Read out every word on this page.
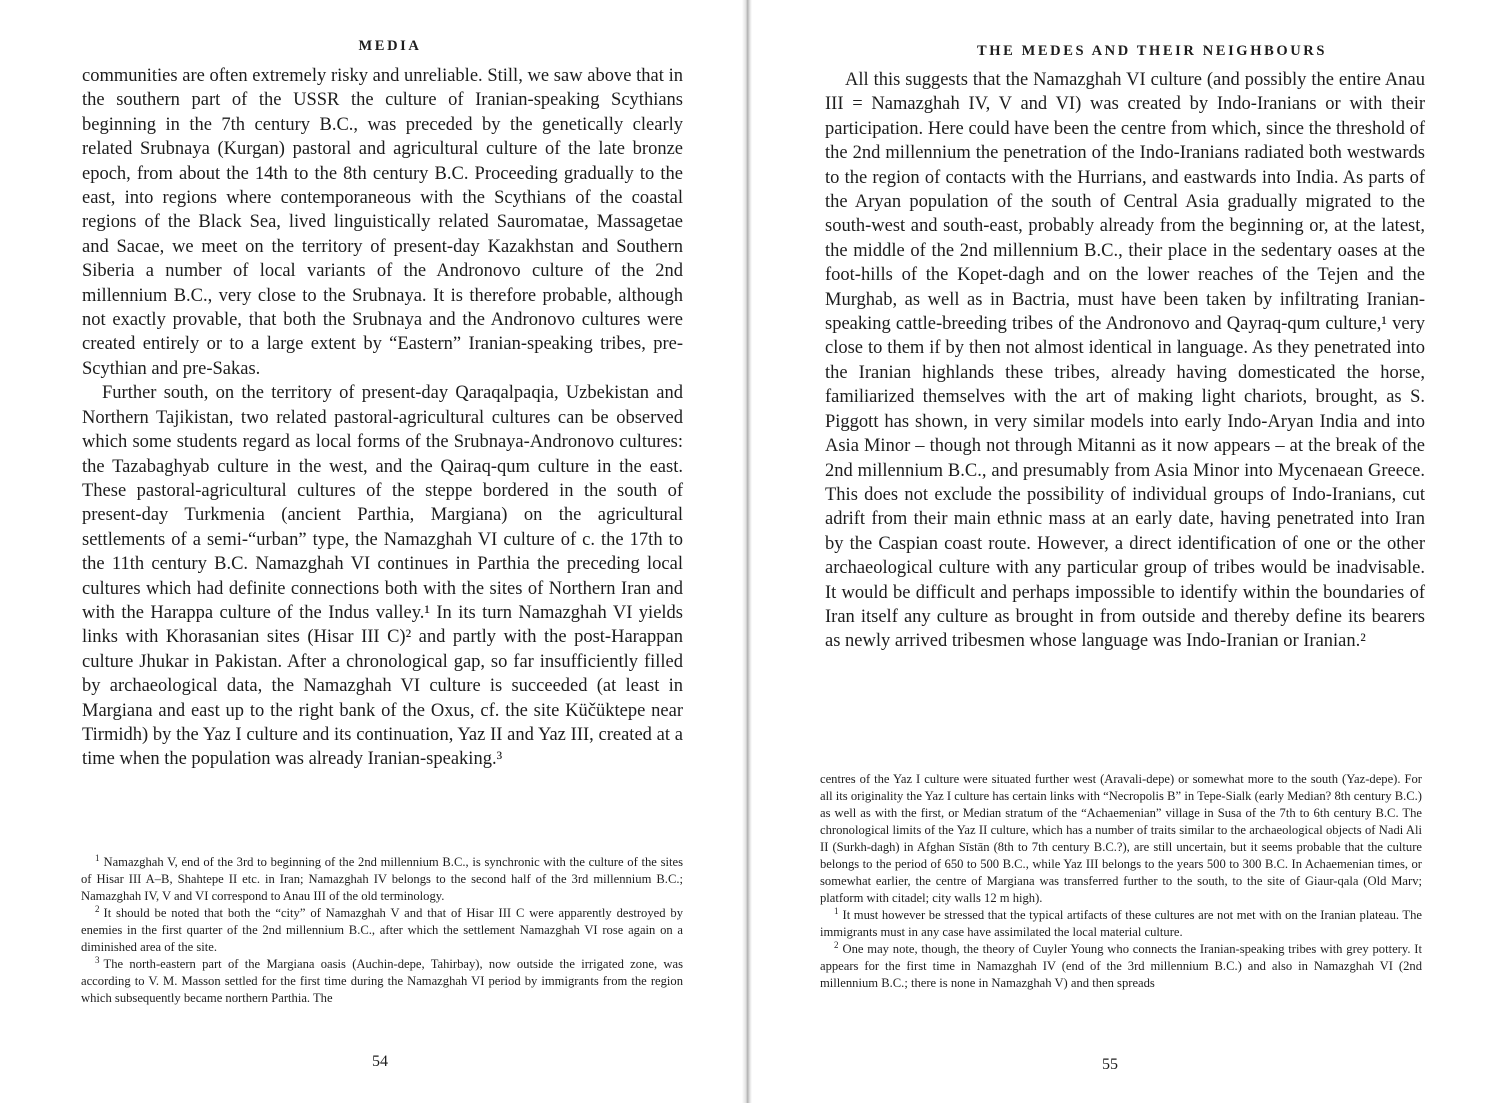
MEDIA

communities are often extremely risky and unreliable. Still, we saw above that in the southern part of the USSR the culture of Iranian-speaking Scythians beginning in the 7th century B.C., was preceded by the genetically clearly related Srubnaya (Kurgan) pastoral and agricultural culture of the late bronze epoch, from about the 14th to the 8th century B.C. Proceeding gradually to the east, into regions where contemporaneous with the Scythians of the coastal regions of the Black Sea, lived linguistically related Sauromatae, Massagetae and Sacae, we meet on the territory of present-day Kazakhstan and Southern Siberia a number of local variants of the Andronovo culture of the 2nd millennium B.C., very close to the Srubnaya. It is therefore probable, although not exactly provable, that both the Srubnaya and the Andronovo cultures were created entirely or to a large extent by “Eastern” Iranian-speaking tribes, pre-Scythian and pre-Sakas.

Further south, on the territory of present-day Qaraqalpaqia, Uzbekistan and Northern Tajikistan, two related pastoral-agricultural cultures can be observed which some students regard as local forms of the Srubnaya-Andronovo cultures: the Tazabaghyab culture in the west, and the Qairaq-qum culture in the east. These pastoral-agricultural cultures of the steppe bordered in the south of present-day Turkmenia (ancient Parthia, Margiana) on the agricultural settlements of a semi-“urban” type, the Namazghah VI culture of c. the 17th to the 11th century B.C. Namazghah VI continues in Parthia the preceding local cultures which had definite connections both with the sites of Northern Iran and with the Harappa culture of the Indus valley.¹ In its turn Namazghah VI yields links with Khorasanian sites (Hisar III C)² and partly with the post-Harappan culture Jhukar in Pakistan. After a chronological gap, so far insufficiently filled by archaeological data, the Namazghah VI culture is succeeded (at least in Margiana and east up to the right bank of the Oxus, cf. the site Küčüktepe near Tirmidh) by the Yaz I culture and its continuation, Yaz II and Yaz III, created at a time when the population was already Iranian-speaking.³

$^1$ Namazghah V, end of the 3rd to beginning of the 2nd millennium B.C., is synchronic with the culture of the sites of Hisar III A–B, Shahtepe II etc. in Iran; Namazghah IV belongs to the second half of the 3rd millennium B.C.; Namazghah IV, V and VI correspond to Anau III of the old terminology.

$^2$ It should be noted that both the “city” of Namazghah V and that of Hisar III C were apparently destroyed by enemies in the first quarter of the 2nd millennium B.C., after which the settlement Namazghah VI rose again on a diminished area of the site.

$^3$ The north-eastern part of the Margiana oasis (Auchin-depe, Tahirbay), now outside the irrigated zone, was according to V. M. Masson settled for the first time during the Namazghah VI period by immigrants from the region which subsequently became northern Parthia. The

54
THE MEDES AND THEIR NEIGHBOURS

All this suggests that the Namazghah VI culture (and possibly the entire Anau III = Namazghah IV, V and VI) was created by Indo-Iranians or with their participation. Here could have been the centre from which, since the threshold of the 2nd millennium the penetration of the Indo-Iranians radiated both westwards to the region of contacts with the Hurrians, and eastwards into India. As parts of the Aryan population of the south of Central Asia gradually migrated to the south-west and south-east, probably already from the beginning or, at the latest, the middle of the 2nd millennium B.C., their place in the sedentary oases at the foot-hills of the Kopet-dagh and on the lower reaches of the Tejen and the Murghab, as well as in Bactria, must have been taken by infiltrating Iranian-speaking cattle-breeding tribes of the Andronovo and Qayraq-qum culture,¹ very close to them if by then not almost identical in language. As they penetrated into the Iranian highlands these tribes, already having domesticated the horse, familiarized themselves with the art of making light chariots, brought, as S. Piggott has shown, in very similar models into early Indo-Aryan India and into Asia Minor – though not through Mitanni as it now appears – at the break of the 2nd millennium B.C., and presumably from Asia Minor into Mycenaean Greece. This does not exclude the possibility of individual groups of Indo-Iranians, cut adrift from their main ethnic mass at an early date, having penetrated into Iran by the Caspian coast route. However, a direct identification of one or the other archaeological culture with any particular group of tribes would be inadvisable. It would be difficult and perhaps impossible to identify within the boundaries of Iran itself any culture as brought in from outside and thereby define its bearers as newly arrived tribesmen whose language was Indo-Iranian or Iranian.²

centres of the Yaz I culture were situated further west (Aravali-depe) or somewhat more to the south (Yaz-depe). For all its originality the Yaz I culture has certain links with “Necropolis B” in Tepe-Sialk (early Median? 8th century B.C.) as well as with the first, or Median stratum of the “Achaemenian” village in Susa of the 7th to 6th century B.C. The chronological limits of the Yaz II culture, which has a number of traits similar to the archaeological objects of Nadi Ali II (Surkh-dagh) in Afghan Sīstān (8th to 7th century B.C.?), are still uncertain, but it seems probable that the culture belongs to the period of 650 to 500 B.C., while Yaz III belongs to the years 500 to 300 B.C. In Achaemenian times, or somewhat earlier, the centre of Margiana was transferred further to the south, to the site of Giaur-qala (Old Marv; platform with citadel; city walls 12 m high).

$^1$ It must however be stressed that the typical artifacts of these cultures are not met with on the Iranian plateau. The immigrants must in any case have assimilated the local material culture.

$^2$ One may note, though, the theory of Cuyler Young who connects the Iranian-speaking tribes with grey pottery. It appears for the first time in Namazghah IV (end of the 3rd millennium B.C.) and also in Namazghah VI (2nd millennium B.C.; there is none in Namazghah V) and then spreads

55
